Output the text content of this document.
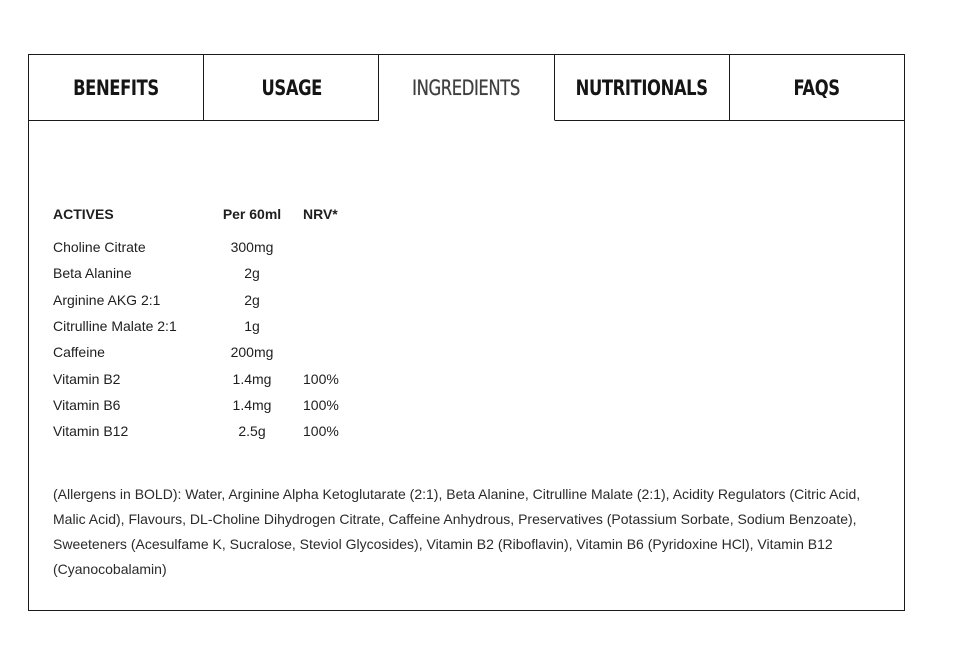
BENEFITS	USAGE	INGREDIENTS	NUTRITIONALS	FAQS
ACTIVES	Per 60ml	NRV*
Choline Citrate	300mg	
Beta Alanine	2g	
Arginine AKG 2:1	2g	
Citrulline Malate 2:1	1g	
Caffeine	200mg	
Vitamin B2	1.4mg	100%
Vitamin B6	1.4mg	100%
Vitamin B12	2.5g	100%

(Allergens in BOLD): Water, Arginine Alpha Ketoglutarate (2:1), Beta Alanine, Citrulline Malate (2:1), Acidity Regulators (Citric Acid, Malic Acid), Flavours, DL-Choline Dihydrogen Citrate, Caffeine Anhydrous, Preservatives (Potassium Sorbate, Sodium Benzoate), Sweeteners (Acesulfame K, Sucralose, Steviol Glycosides), Vitamin B2 (Riboflavin), Vitamin B6 (Pyridoxine HCl), Vitamin B12 (Cyanocobalamin)
